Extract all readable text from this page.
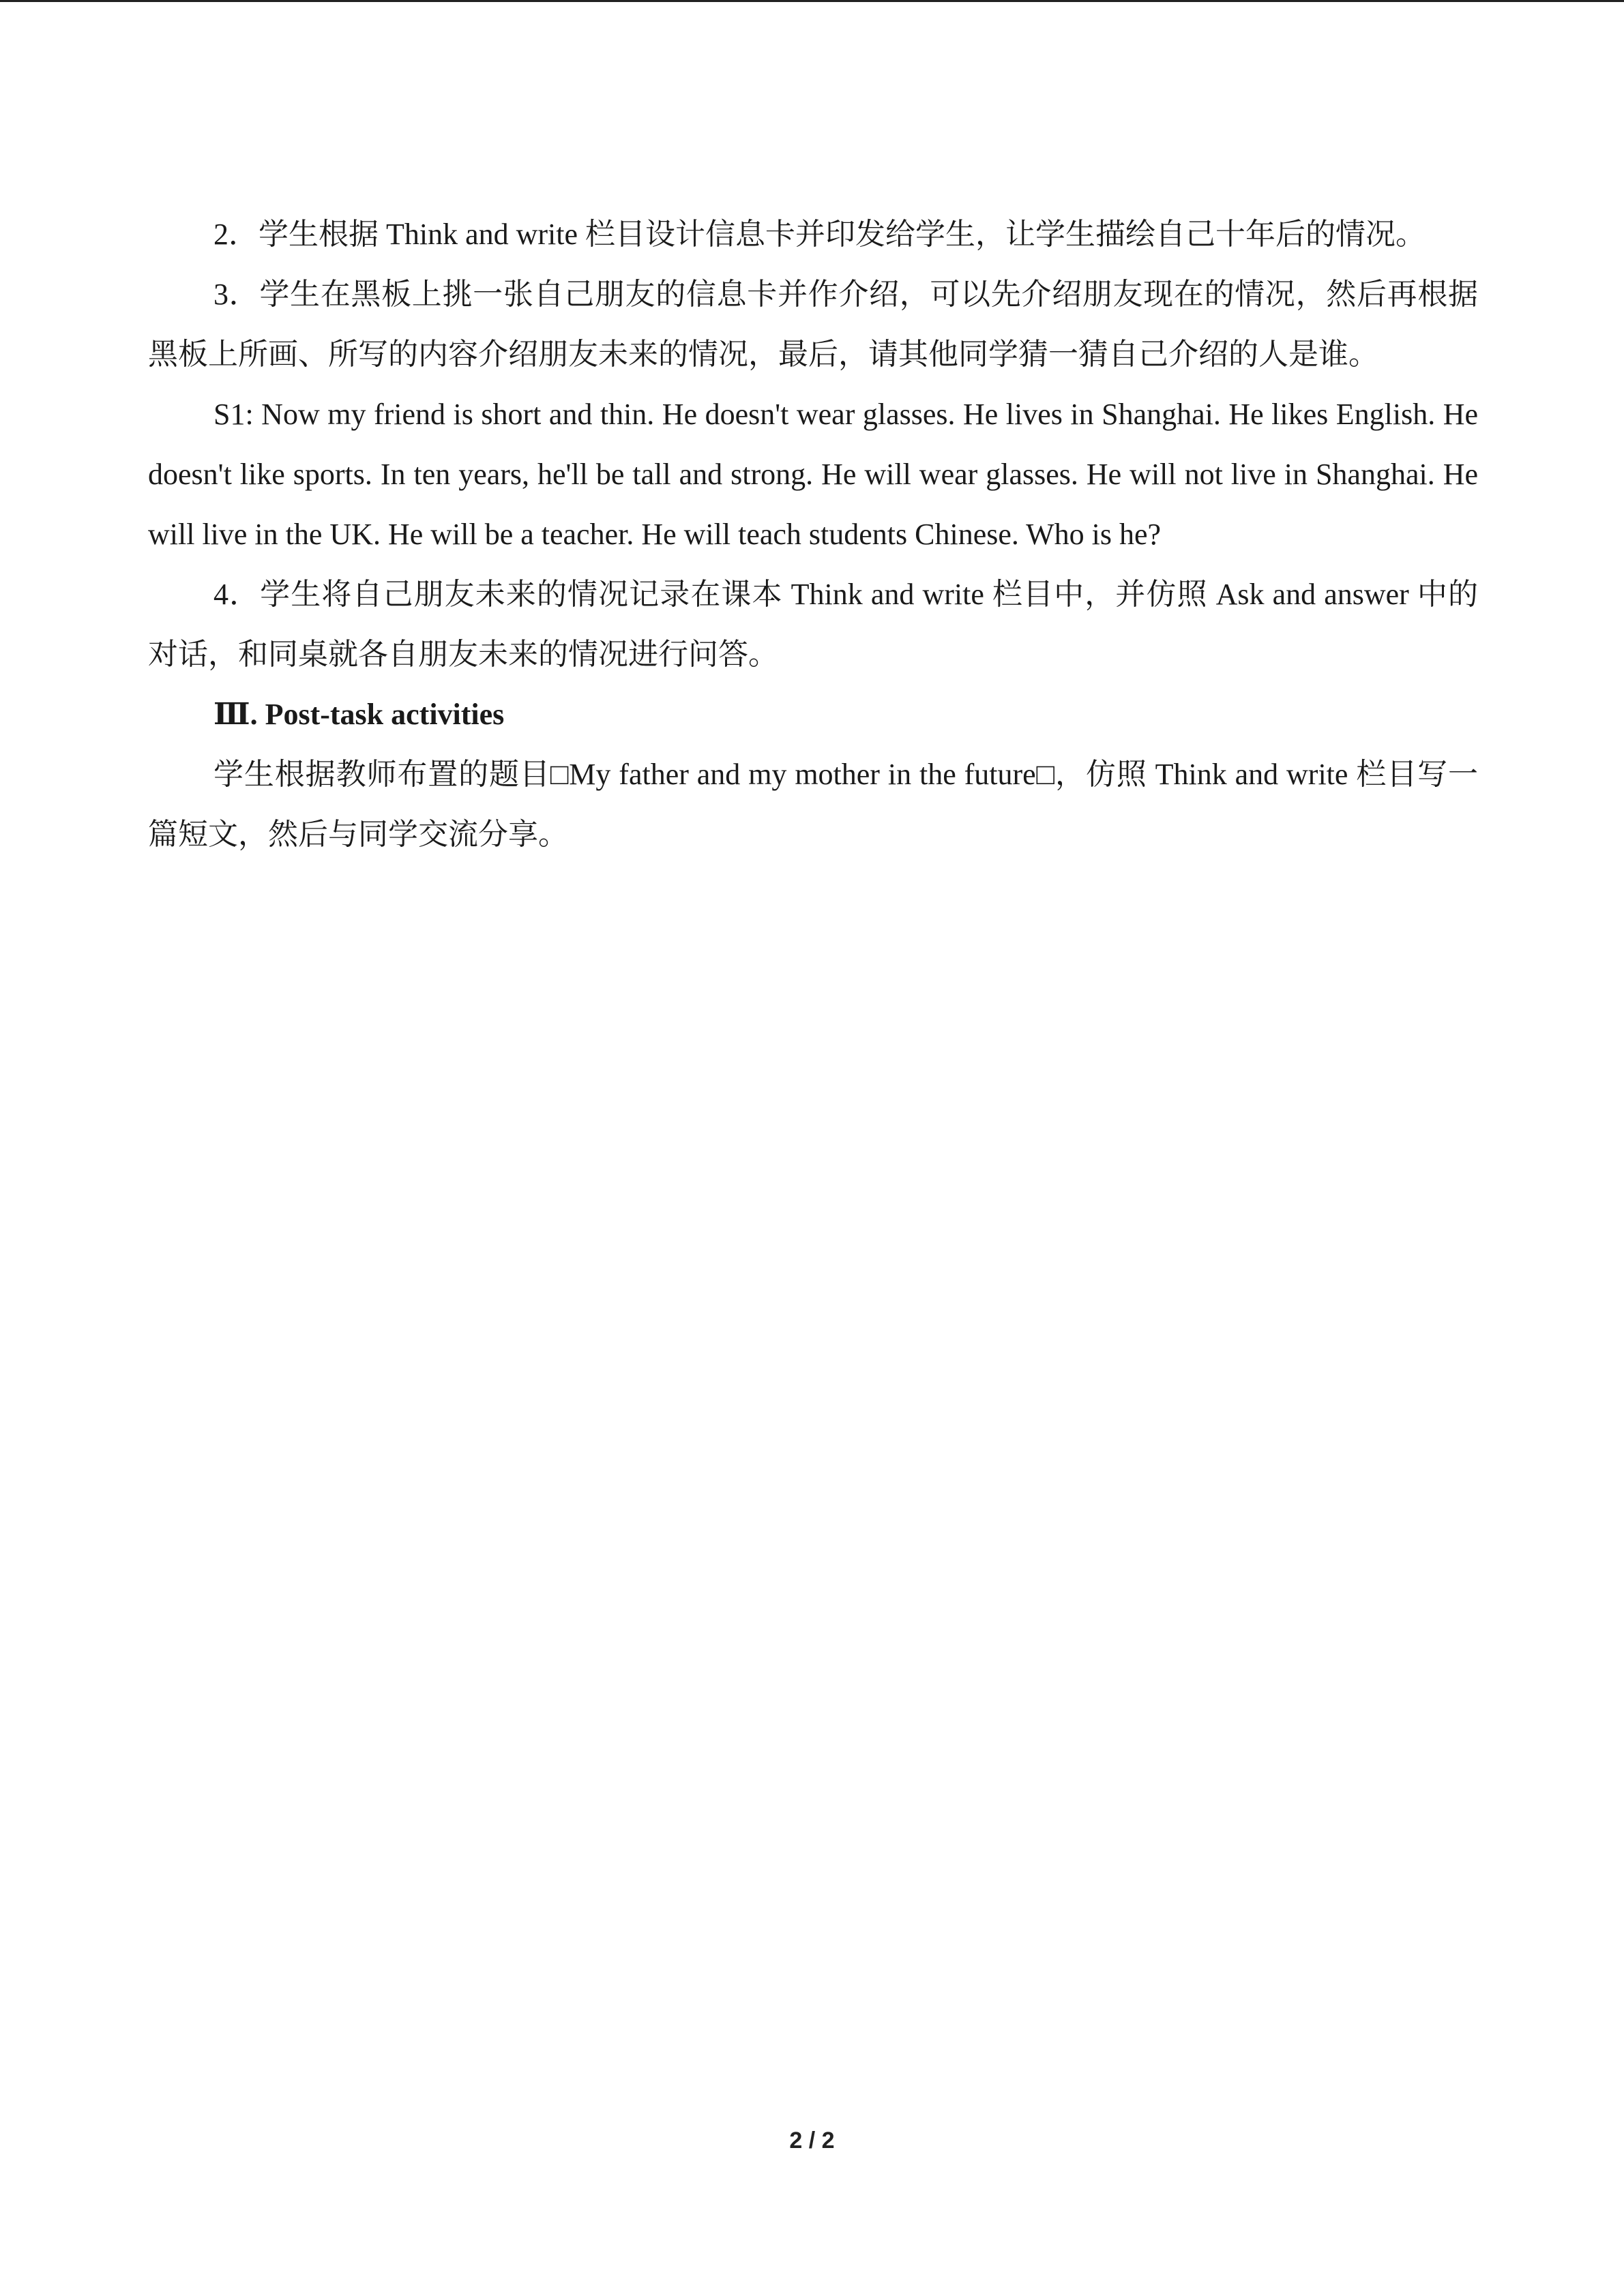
2．学生根据 Think and write 栏目设计信息卡并印发给学生，让学生描绘自己十年后的情况。

3．学生在黑板上挑一张自己朋友的信息卡并作介绍，可以先介绍朋友现在的情况，然后再根据黑板上所画、所写的内容介绍朋友未来的情况，最后，请其他同学猜一猜自己介绍的人是谁。

S1: Now my friend is short and thin. He doesn't wear glasses. He lives in Shanghai. He likes English. He doesn't like sports. In ten years, he'll be tall and strong. He will wear glasses. He will not live in Shanghai. He will live in the UK. He will be a teacher. He will teach students Chinese. Who is he?

4．学生将自己朋友未来的情况记录在课本 Think and write 栏目中，并仿照 Ask and answer 中的对话，和同桌就各自朋友未来的情况进行问答。

Ⅲ. Post-task activities

学生根据教师布置的题目□My father and my mother in the future□，仿照 Think and write 栏目写一篇短文，然后与同学交流分享。

2 / 2
